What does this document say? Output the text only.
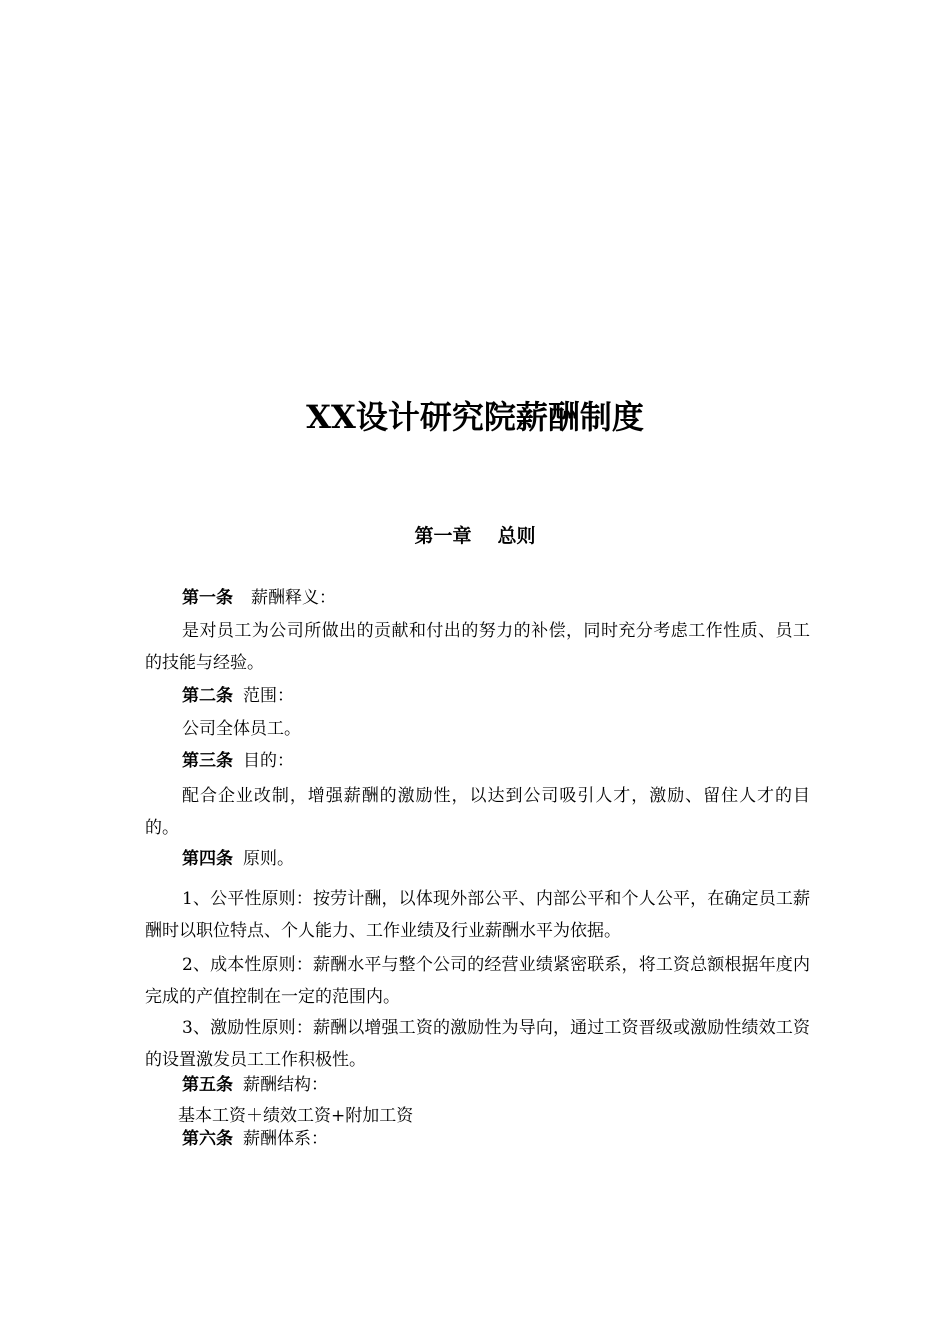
XX设计研究院薪酬制度
第一章 总则
第一条 薪酬释义：
是对员工为公司所做出的贡献和付出的努力的补偿，同时充分考虑工作性质、员工的技能与经验。
第二条 范围：
公司全体员工。
第三条 目的：
配合企业改制，增强薪酬的激励性，以达到公司吸引人才，激励、留住人才的目的。
第四条 原则。
1、公平性原则：按劳计酬，以体现外部公平、内部公平和个人公平，在确定员工薪酬时以职位特点、个人能力、工作业绩及行业薪酬水平为依据。
2、成本性原则：薪酬水平与整个公司的经营业绩紧密联系，将工资总额根据年度内完成的产值控制在一定的范围内。
3、激励性原则：薪酬以增强工资的激励性为导向，通过工资晋级或激励性绩效工资的设置激发员工工作积极性。
第五条 薪酬结构：
基本工资＋绩效工资+附加工资
第六条 薪酬体系：
